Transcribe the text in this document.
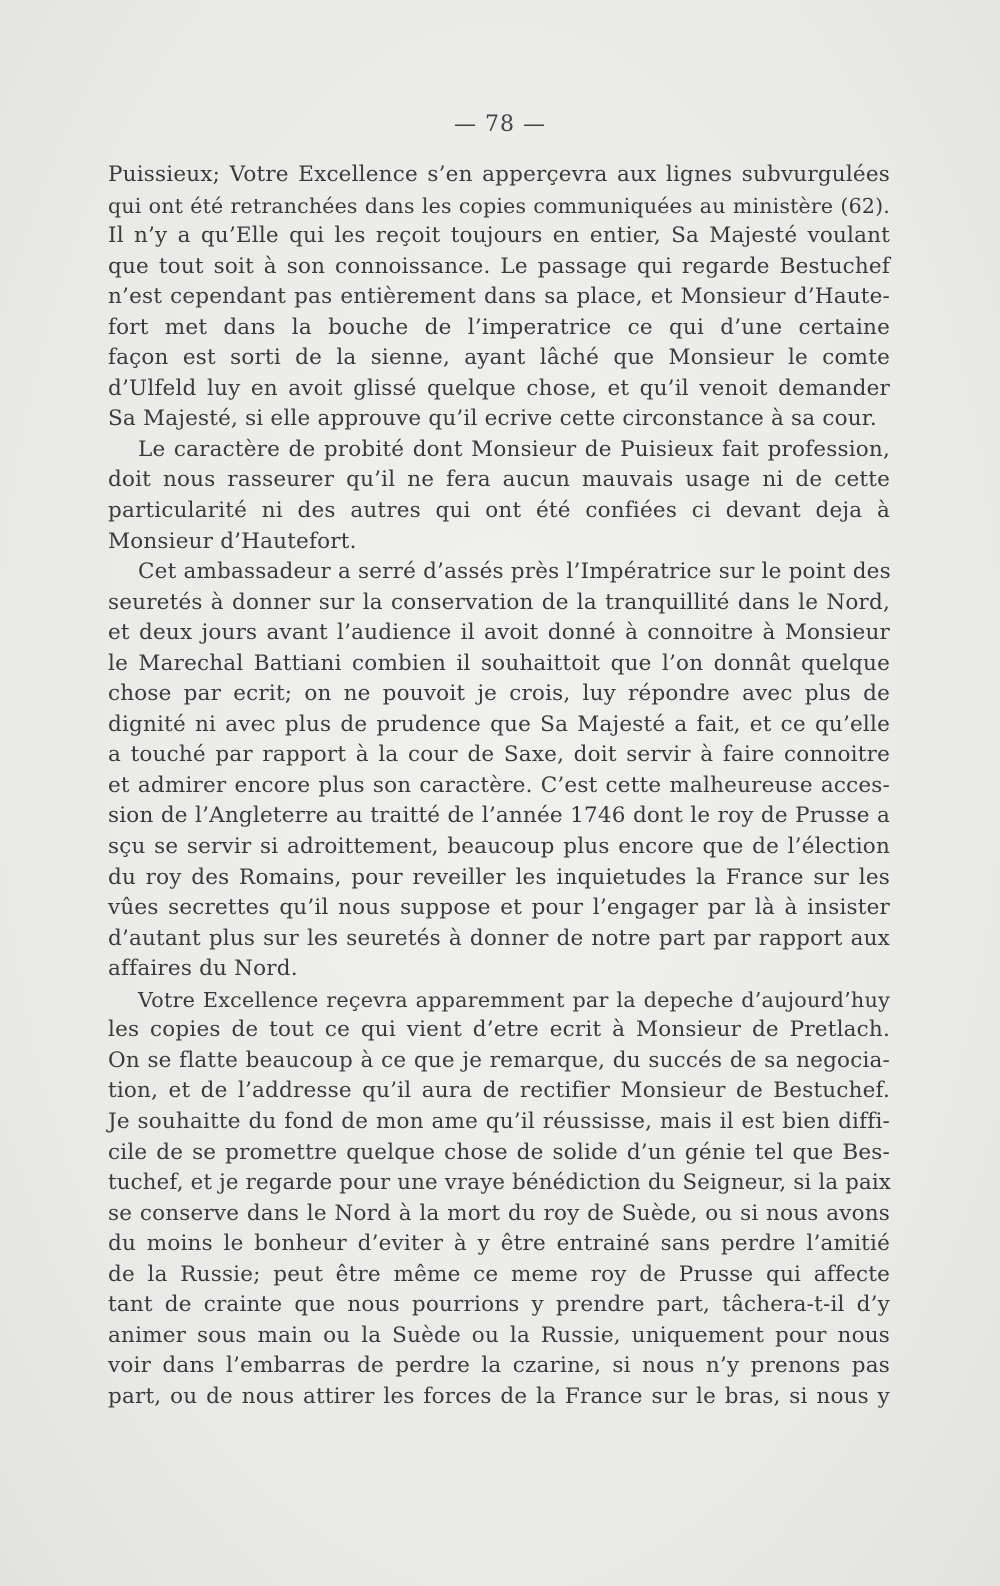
— 78 —
Puissieux; Votre Excellence s’en apperçevra aux lignes subvurgulées
qui ont été retranchées dans les copies communiquées au ministère (62).
Il n’y a qu’Elle qui les reçoit toujours en entier, Sa Majesté voulant
que tout soit à son connoissance. Le passage qui regarde Bestuchef
n’est cependant pas entièrement dans sa place, et Monsieur d’Haute-
fort met dans la bouche de l’imperatrice ce qui d’une certaine
façon est sorti de la sienne, ayant lâché que Monsieur le comte
d’Ulfeld luy en avoit glissé quelque chose, et qu’il venoit demander
Sa Majesté, si elle approuve qu’il ecrive cette circonstance à sa cour.
Le caractère de probité dont Monsieur de Puisieux fait profession,
doit nous rasseurer qu’il ne fera aucun mauvais usage ni de cette
particularité ni des autres qui ont été confiées ci devant deja à
Monsieur d’Hautefort.
Cet ambassadeur a serré d’assés près l’Impératrice sur le point des
seuretés à donner sur la conservation de la tranquillité dans le Nord,
et deux jours avant l’audience il avoit donné à connoitre à Monsieur
le Marechal Battiani combien il souhaittoit que l’on donnât quelque
chose par ecrit; on ne pouvoit je crois, luy répondre avec plus de
dignité ni avec plus de prudence que Sa Majesté a fait, et ce qu’elle
a touché par rapport à la cour de Saxe, doit servir à faire connoitre
et admirer encore plus son caractère. C’est cette malheureuse acces-
sion de l’Angleterre au traitté de l’année 1746 dont le roy de Prusse a
sçu se servir si adroittement, beaucoup plus encore que de l’élection
du roy des Romains, pour reveiller les inquietudes la France sur les
vûes secrettes qu’il nous suppose et pour l’engager par là à insister
d’autant plus sur les seuretés à donner de notre part par rapport aux
affaires du Nord.
Votre Excellence reçevra apparemment par la depeche d’aujourd’huy
les copies de tout ce qui vient d’etre ecrit à Monsieur de Pretlach.
On se flatte beaucoup à ce que je remarque, du succés de sa negocia-
tion, et de l’addresse qu’il aura de rectifier Monsieur de Bestuchef.
Je souhaitte du fond de mon ame qu’il réussisse, mais il est bien diffi-
cile de se promettre quelque chose de solide d’un génie tel que Bes-
tuchef, et je regarde pour une vraye bénédiction du Seigneur, si la paix
se conserve dans le Nord à la mort du roy de Suède, ou si nous avons
du moins le bonheur d’eviter à y être entrainé sans perdre l’amitié
de la Russie; peut être même ce meme roy de Prusse qui affecte
tant de crainte que nous pourrions y prendre part, tâchera-t-il d’y
animer sous main ou la Suède ou la Russie, uniquement pour nous
voir dans l’embarras de perdre la czarine, si nous n’y prenons pas
part, ou de nous attirer les forces de la France sur le bras, si nous y
